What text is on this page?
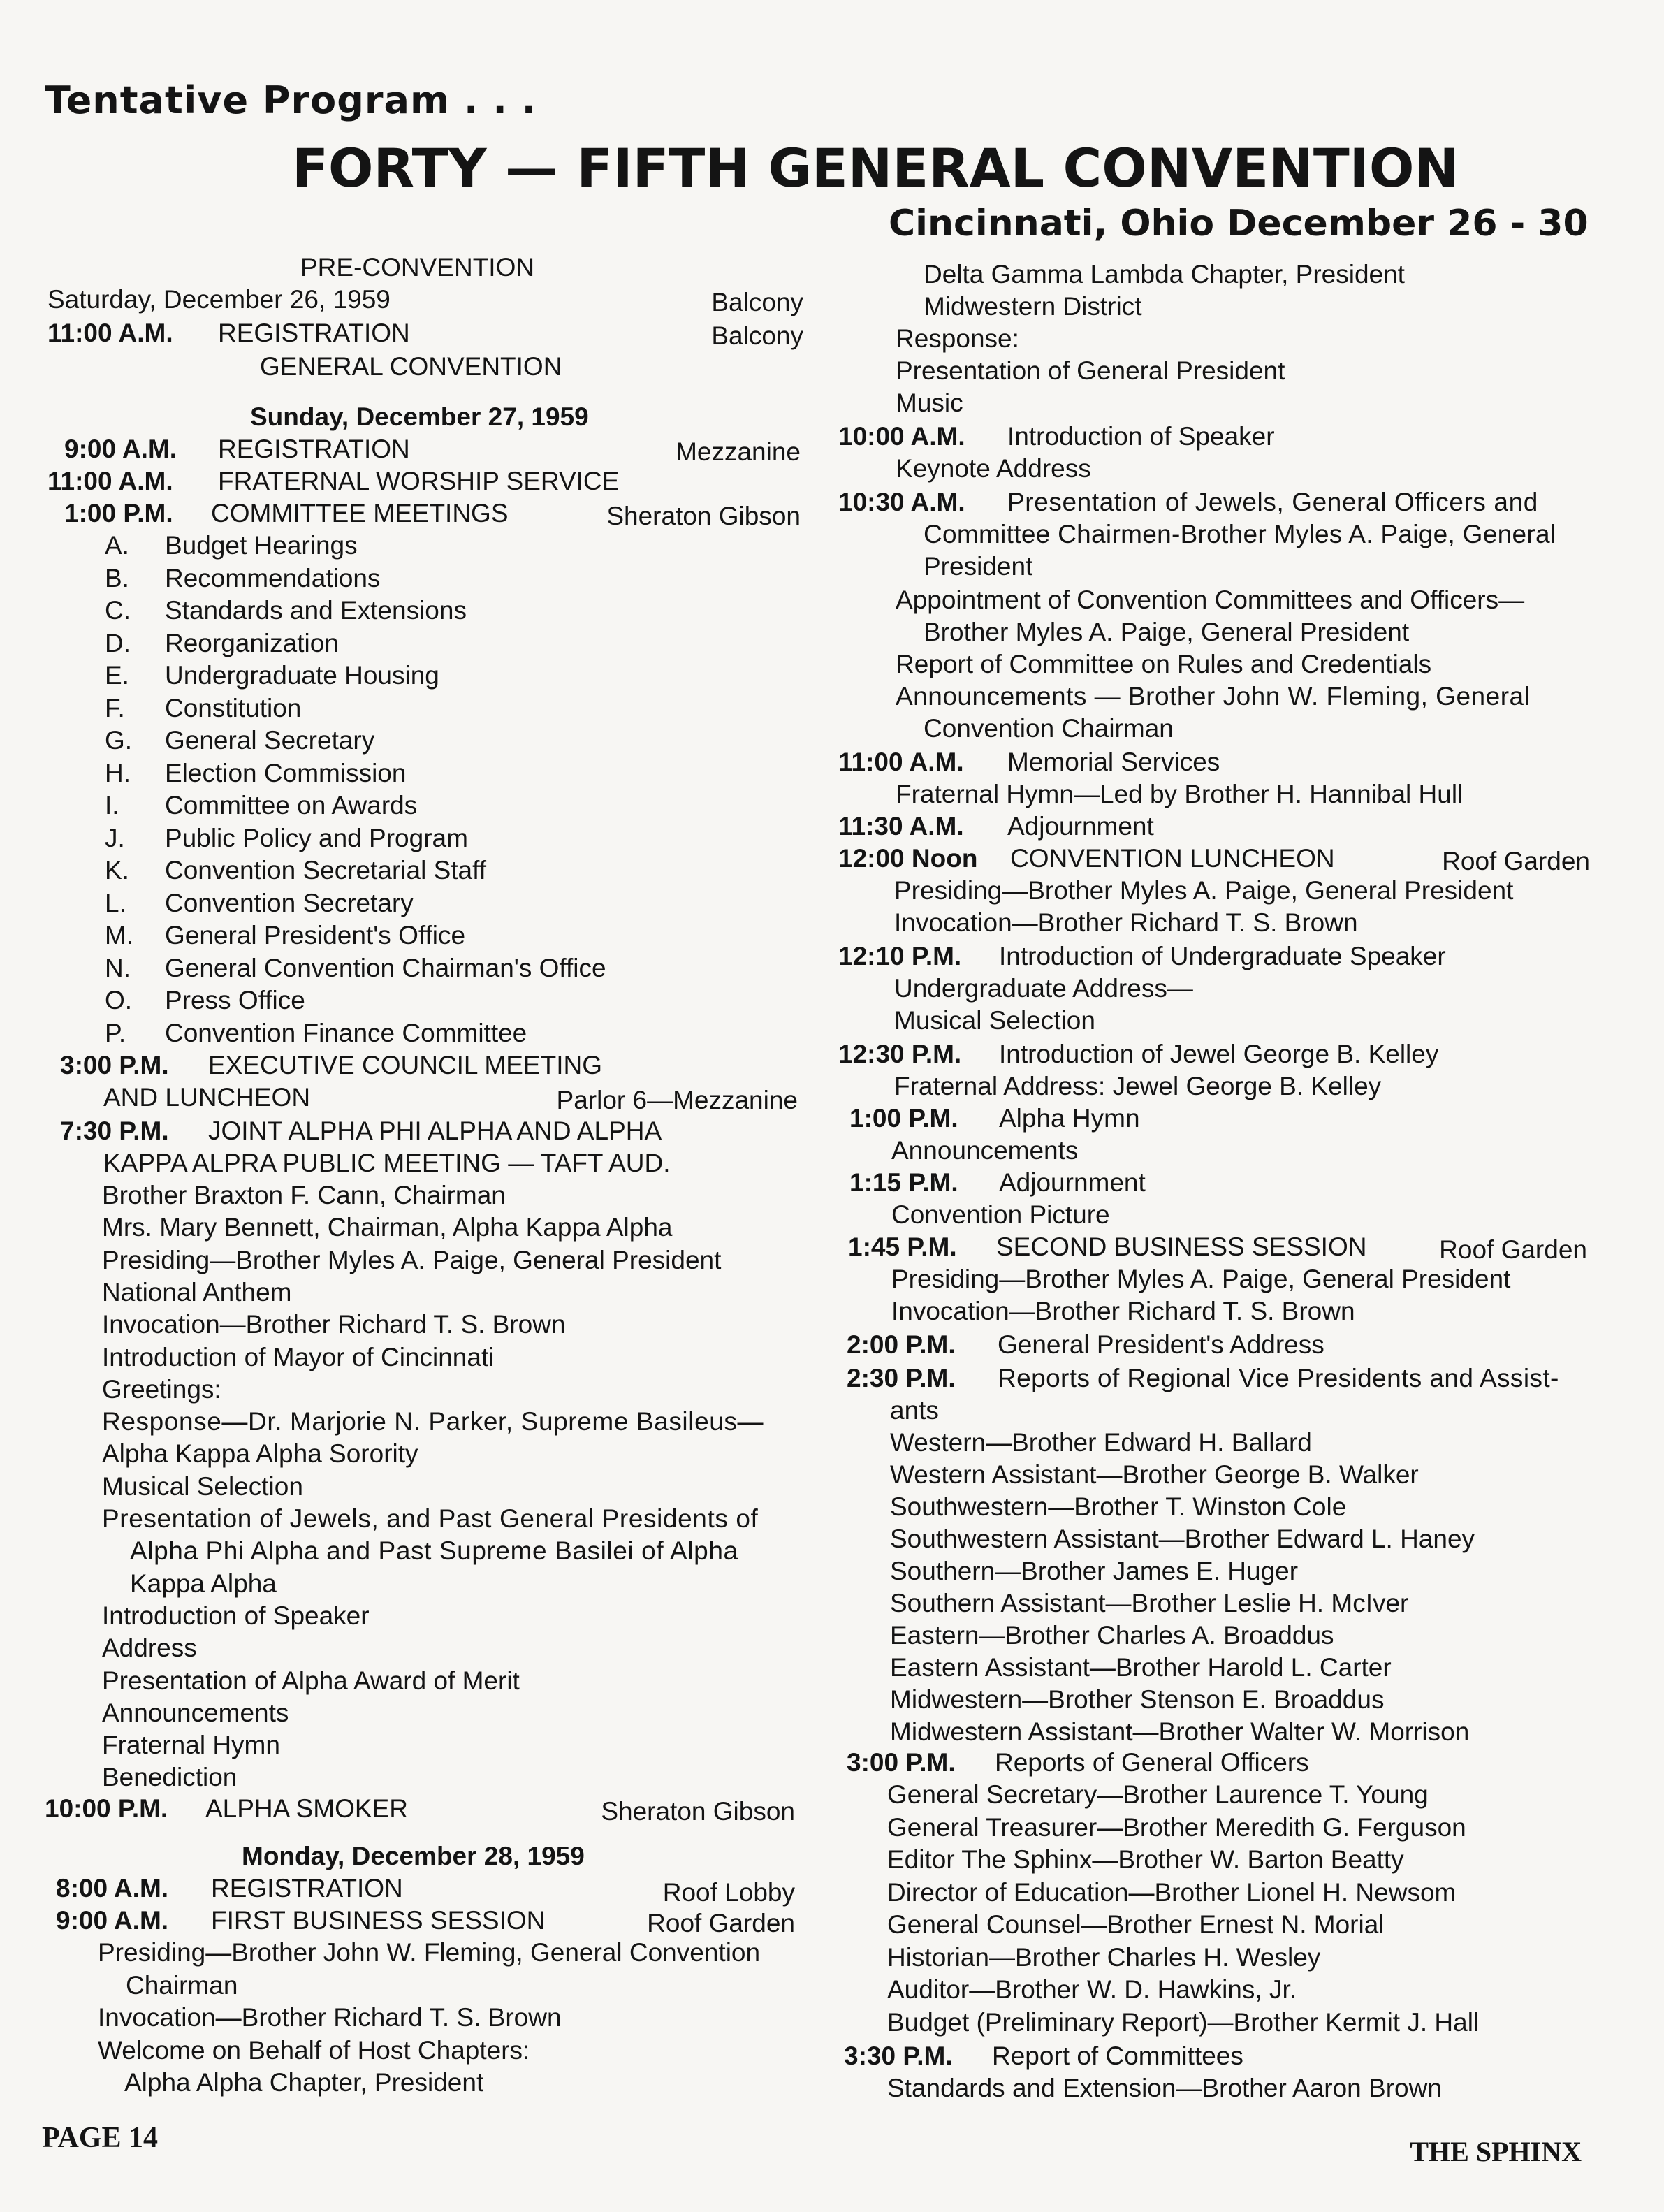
Tentative Program . . .
FORTY — FIFTH GENERAL CONVENTION
Cincinnati, Ohio December 26 - 30
PRE-CONVENTION
Saturday, December 26, 1959	Balcony
11:00 A.M. REGISTRATION	Balcony
GENERAL CONVENTION
Sunday, December 27, 1959
9:00 A.M. REGISTRATION	Mezzanine
11:00 A.M. FRATERNAL WORSHIP SERVICE
1:00 P.M. COMMITTEE MEETINGS	Sheraton Gibson
A. Budget Hearings
B. Recommendations
C. Standards and Extensions
D. Reorganization
E. Undergraduate Housing
F. Constitution
G. General Secretary
H. Election Commission
I. Committee on Awards
J. Public Policy and Program
K. Convention Secretarial Staff
L. Convention Secretary
M. General President's Office
N. General Convention Chairman's Office
O. Press Office
P. Convention Finance Committee
3:00 P.M. EXECUTIVE COUNCIL MEETING
AND LUNCHEON	Parlor 6—Mezzanine
7:30 P.M. JOINT ALPHA PHI ALPHA AND ALPHA
KAPPA ALPRA PUBLIC MEETING — TAFT AUD.
Brother Braxton F. Cann, Chairman
Mrs. Mary Bennett, Chairman, Alpha Kappa Alpha
Presiding—Brother Myles A. Paige, General President
National Anthem
Invocation—Brother Richard T. S. Brown
Introduction of Mayor of Cincinnati
Greetings:
Response—Dr. Marjorie N. Parker, Supreme Basileus—
Alpha Kappa Alpha Sorority
Musical Selection
Presentation of Jewels, and Past General Presidents of
Alpha Phi Alpha and Past Supreme Basilei of Alpha
Kappa Alpha
Introduction of Speaker
Address
Presentation of Alpha Award of Merit
Announcements
Fraternal Hymn
Benediction
10:00 P.M. ALPHA SMOKER	Sheraton Gibson
Monday, December 28, 1959
8:00 A.M. REGISTRATION	Roof Lobby
9:00 A.M. FIRST BUSINESS SESSION	Roof Garden
Presiding—Brother John W. Fleming, General Convention
Chairman
Invocation—Brother Richard T. S. Brown
Welcome on Behalf of Host Chapters:
Alpha Alpha Chapter, President
Delta Gamma Lambda Chapter, President
Midwestern District
Response:
Presentation of General President
Music
10:00 A.M. Introduction of Speaker
Keynote Address
10:30 A.M. Presentation of Jewels, General Officers and
Committee Chairmen-Brother Myles A. Paige, General
President
Appointment of Convention Committees and Officers—
Brother Myles A. Paige, General President
Report of Committee on Rules and Credentials
Announcements — Brother John W. Fleming, General
Convention Chairman
11:00 A.M. Memorial Services
Fraternal Hymn—Led by Brother H. Hannibal Hull
11:30 A.M. Adjournment
12:00 Noon CONVENTION LUNCHEON	Roof Garden
Presiding—Brother Myles A. Paige, General President
Invocation—Brother Richard T. S. Brown
12:10 P.M. Introduction of Undergraduate Speaker
Undergraduate Address—
Musical Selection
12:30 P.M. Introduction of Jewel George B. Kelley
Fraternal Address: Jewel George B. Kelley
1:00 P.M. Alpha Hymn
Announcements
1:15 P.M. Adjournment
Convention Picture
1:45 P.M. SECOND BUSINESS SESSION	Roof Garden
Presiding—Brother Myles A. Paige, General President
Invocation—Brother Richard T. S. Brown
2:00 P.M. General President's Address
2:30 P.M. Reports of Regional Vice Presidents and Assist-
ants
Western—Brother Edward H. Ballard
Western Assistant—Brother George B. Walker
Southwestern—Brother T. Winston Cole
Southwestern Assistant—Brother Edward L. Haney
Southern—Brother James E. Huger
Southern Assistant—Brother Leslie H. McIver
Eastern—Brother Charles A. Broaddus
Eastern Assistant—Brother Harold L. Carter
Midwestern—Brother Stenson E. Broaddus
Midwestern Assistant—Brother Walter W. Morrison
3:00 P.M. Reports of General Officers
General Secretary—Brother Laurence T. Young
General Treasurer—Brother Meredith G. Ferguson
Editor The Sphinx—Brother W. Barton Beatty
Director of Education—Brother Lionel H. Newsom
General Counsel—Brother Ernest N. Morial
Historian—Brother Charles H. Wesley
Auditor—Brother W. D. Hawkins, Jr.
Budget (Preliminary Report)—Brother Kermit J. Hall
3:30 P.M. Report of Committees
Standards and Extension—Brother Aaron Brown
PAGE 14	THE SPHINX
